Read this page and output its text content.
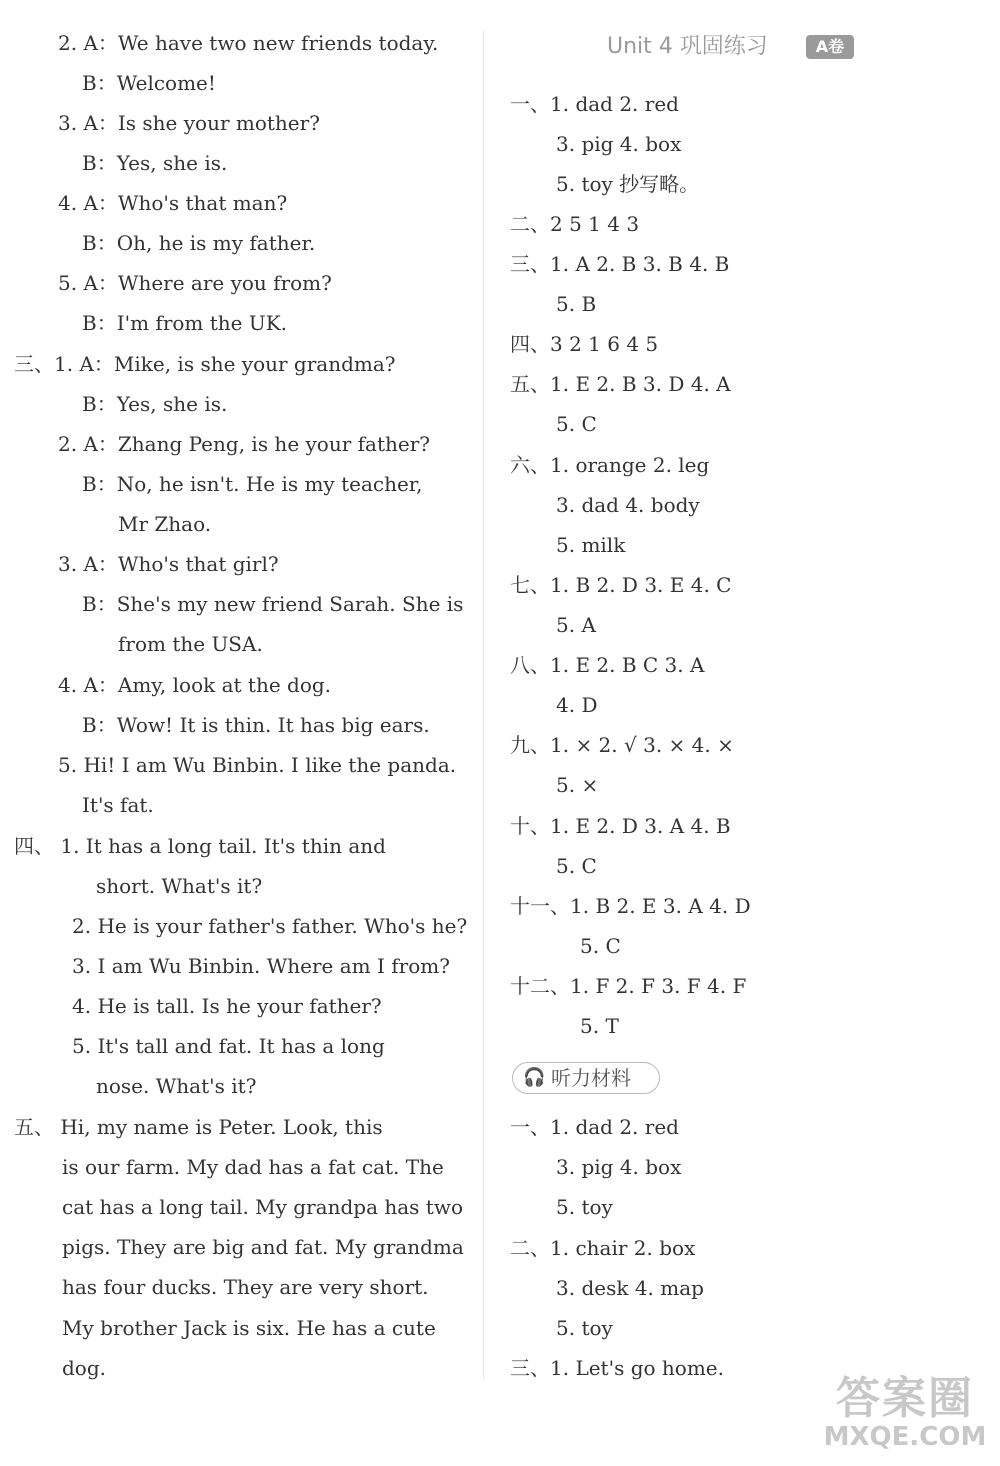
Unit 4 巩固练习	A卷
2. A：We have two new friends today.
B：Welcome!
3. A：Is she your mother?
B：Yes, she is.
4. A：Who's that man?
B：Oh, he is my father.
5. A：Where are you from?
B：I'm from the UK.
三、1. A：Mike, is she your grandma?
B：Yes, she is.
2. A：Zhang Peng, is he your father?
B：No, he isn't. He is my teacher,
Mr Zhao.
3. A：Who's that girl?
B：She's my new friend Sarah. She is
from the USA.
4. A：Amy, look at the dog.
B：Wow! It is thin. It has big ears.
5. Hi! I am Wu Binbin. I like the panda.
It's fat.
四、 1. It has a long tail. It's thin and
short. What's it?
2. He is your father's father. Who's he?
3. I am Wu Binbin. Where am I from?
4. He is tall. Is he your father?
5. It's tall and fat. It has a long
nose. What's it?
五、 Hi, my name is Peter. Look, this
is our farm. My dad has a fat cat. The
cat has a long tail. My grandpa has two
pigs. They are big and fat. My grandma
has four ducks. They are very short.
My brother Jack is six. He has a cute
dog.
一、1. dad 2. red
3. pig 4. box
5. toy 抄写略。
二、2 5 1 4 3
三、1. A 2. B 3. B 4. B
5. B
四、3 2 1 6 4 5
五、1. E 2. B 3. D 4. A
5. C
六、1. orange 2. leg
3. dad 4. body
5. milk
七、1. B 2. D 3. E 4. C
5. A
八、1. E 2. B C 3. A
4. D
九、1. × 2. √ 3. × 4. ×
5. ×
十、1. E 2. D 3. A 4. B
5. C
十一、1. B 2. E 3. A 4. D
5. C
十二、1. F 2. F 3. F 4. F
5. T
一、1. dad 2. red
3. pig 4. box
5. toy
二、1. chair 2. box
3. desk 4. map
5. toy
三、1. Let's go home.
🎧 听力材料
答案圈
MXQE.COM
